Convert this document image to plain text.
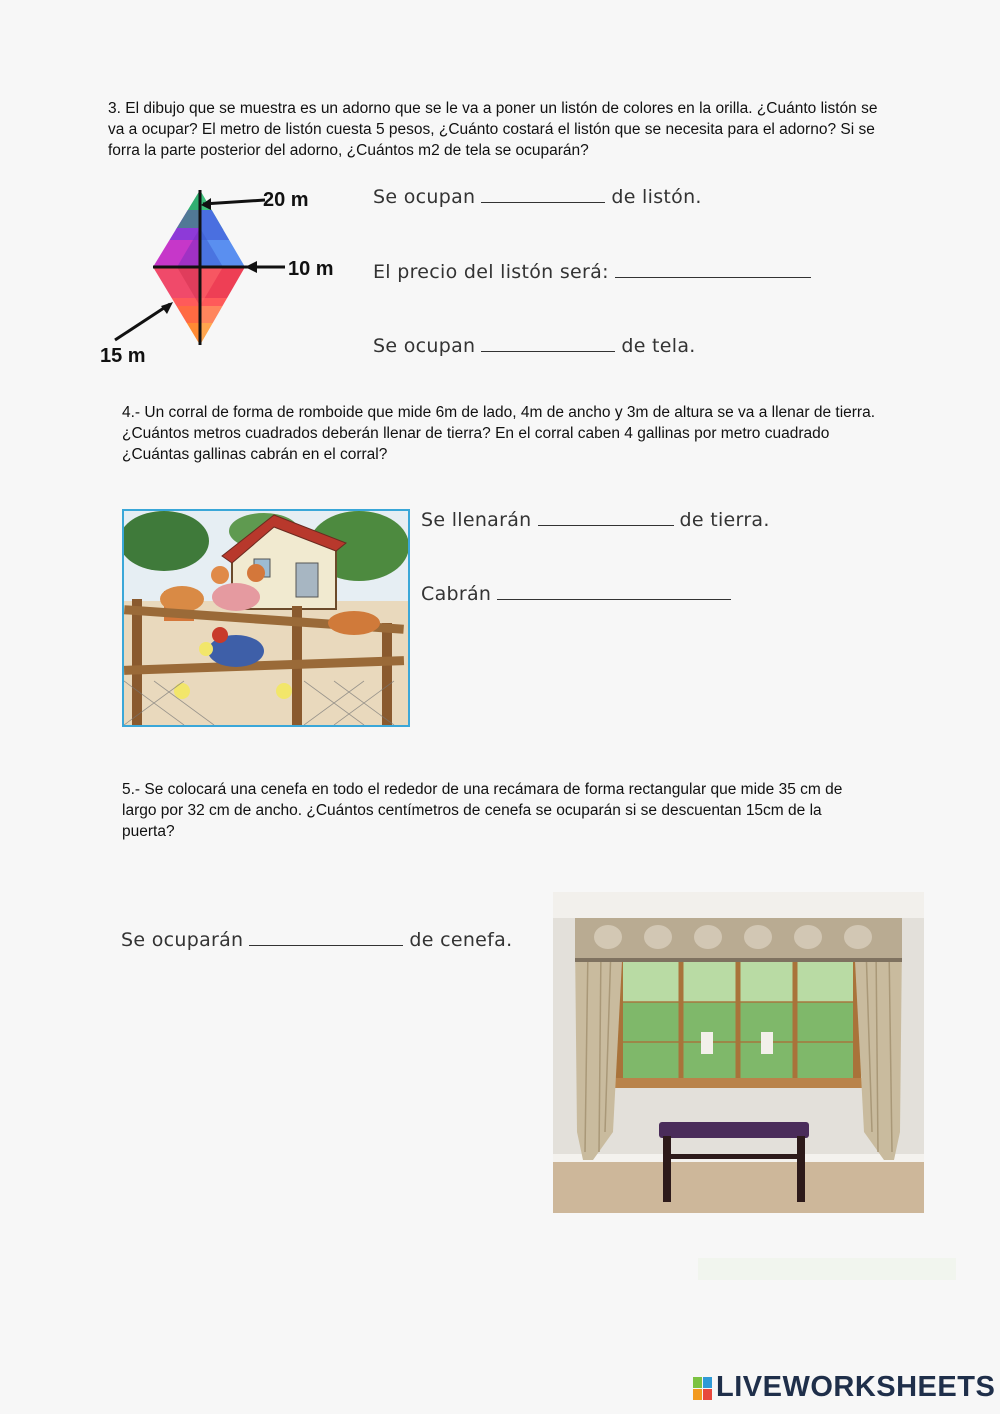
3. El dibujo que se muestra es un adorno que se le va a poner un listón de colores en la orilla. ¿Cuánto listón se va a ocupar? El metro de listón cuesta 5 pesos, ¿Cuánto costará el listón que se necesita para el adorno? Si se forra la parte posterior del adorno, ¿Cuántos m2 de tela se ocuparán?
20 m
10 m
15 m
Se ocupan	de listón.
El precio del listón será:
Se ocupan	de tela.
4.- Un corral de forma de romboide que mide 6m de lado, 4m de ancho y 3m de altura se va a llenar de tierra. ¿Cuántos metros cuadrados deberán llenar de tierra? En el corral caben 4 gallinas por metro cuadrado ¿Cuántas gallinas cabrán en el corral?
Se llenarán	de tierra.
Cabrán
5.- Se colocará una cenefa en todo el rededor de una recámara de forma rectangular que mide 35 cm de largo por 32 cm de ancho. ¿Cuántos centímetros de cenefa se ocuparán si se descuentan 15cm de la puerta?
Se ocuparán	de cenefa.
LIVEWORKSHEETS
